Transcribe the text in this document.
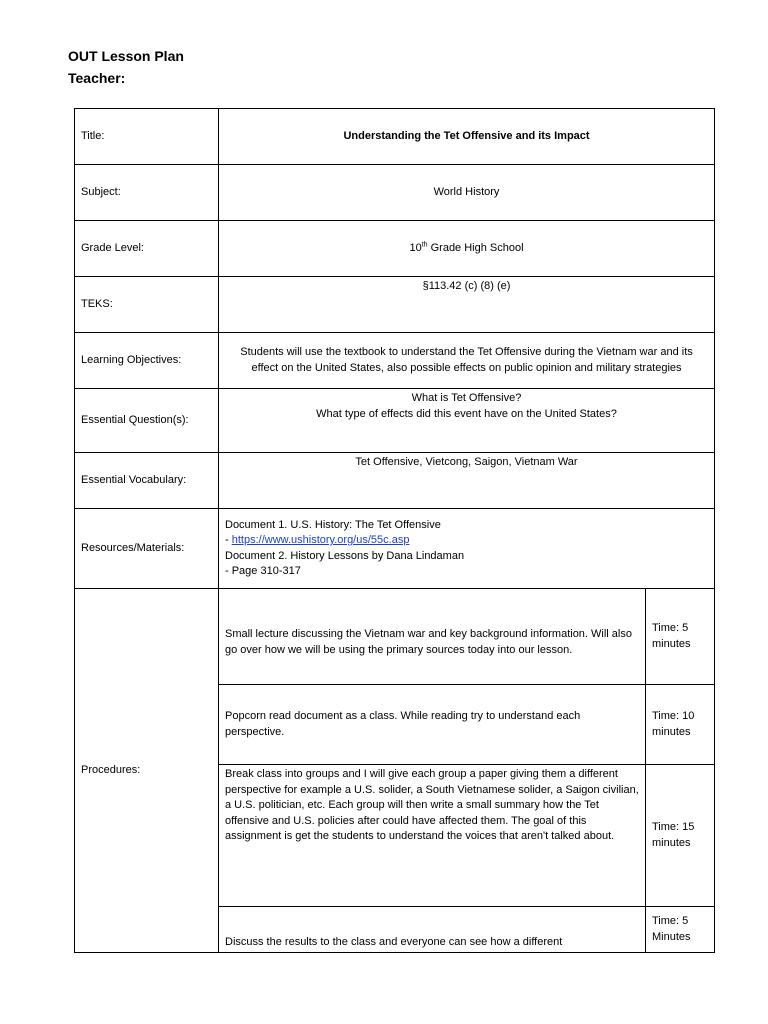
OUT Lesson Plan
Teacher:
Title:	Understanding the Tet Offensive and its Impact	
Subject:	World History	
Grade Level:	10th Grade High School	
TEKS:	§113.42 (c) (8) (e)	
Learning Objectives:	Students will use the textbook to understand the Tet Offensive during the Vietnam war and its effect on the United States, also possible effects on public opinion and military strategies	
Essential Question(s):	What is Tet Offensive?
What type of effects did this event have on the United States?	

Essential Vocabulary:	Tet Offensive, Vietcong, Saigon, Vietnam War	
Resources/Materials:	Document 1. U.S. History: The Tet Offensive
- https://www.ushistory.org/us/55c.asp
Document 2. History Lessons by Dana Lindaman
- Page 310-317	

Procedures:	Small lecture discussing the Vietnam war and key background information. Will also go over how we will be using the primary sources today into our lesson.	Time: 5 minutes
	Popcorn read document as a class. While reading try to understand each perspective.	Time: 10 minutes
	Break class into groups and I will give each group a paper giving them a different perspective for example a U.S. solider, a South Vietnamese solider, a Saigon civilian, a U.S. politician, etc. Each group will then write a small summary how the Tet offensive and U.S. policies after could have affected them. The goal of this assignment is get the students to understand the voices that aren't talked about.	Time: 15 minutes
	Discuss the results to the class and everyone can see how a different	Time: 5 Minutes
